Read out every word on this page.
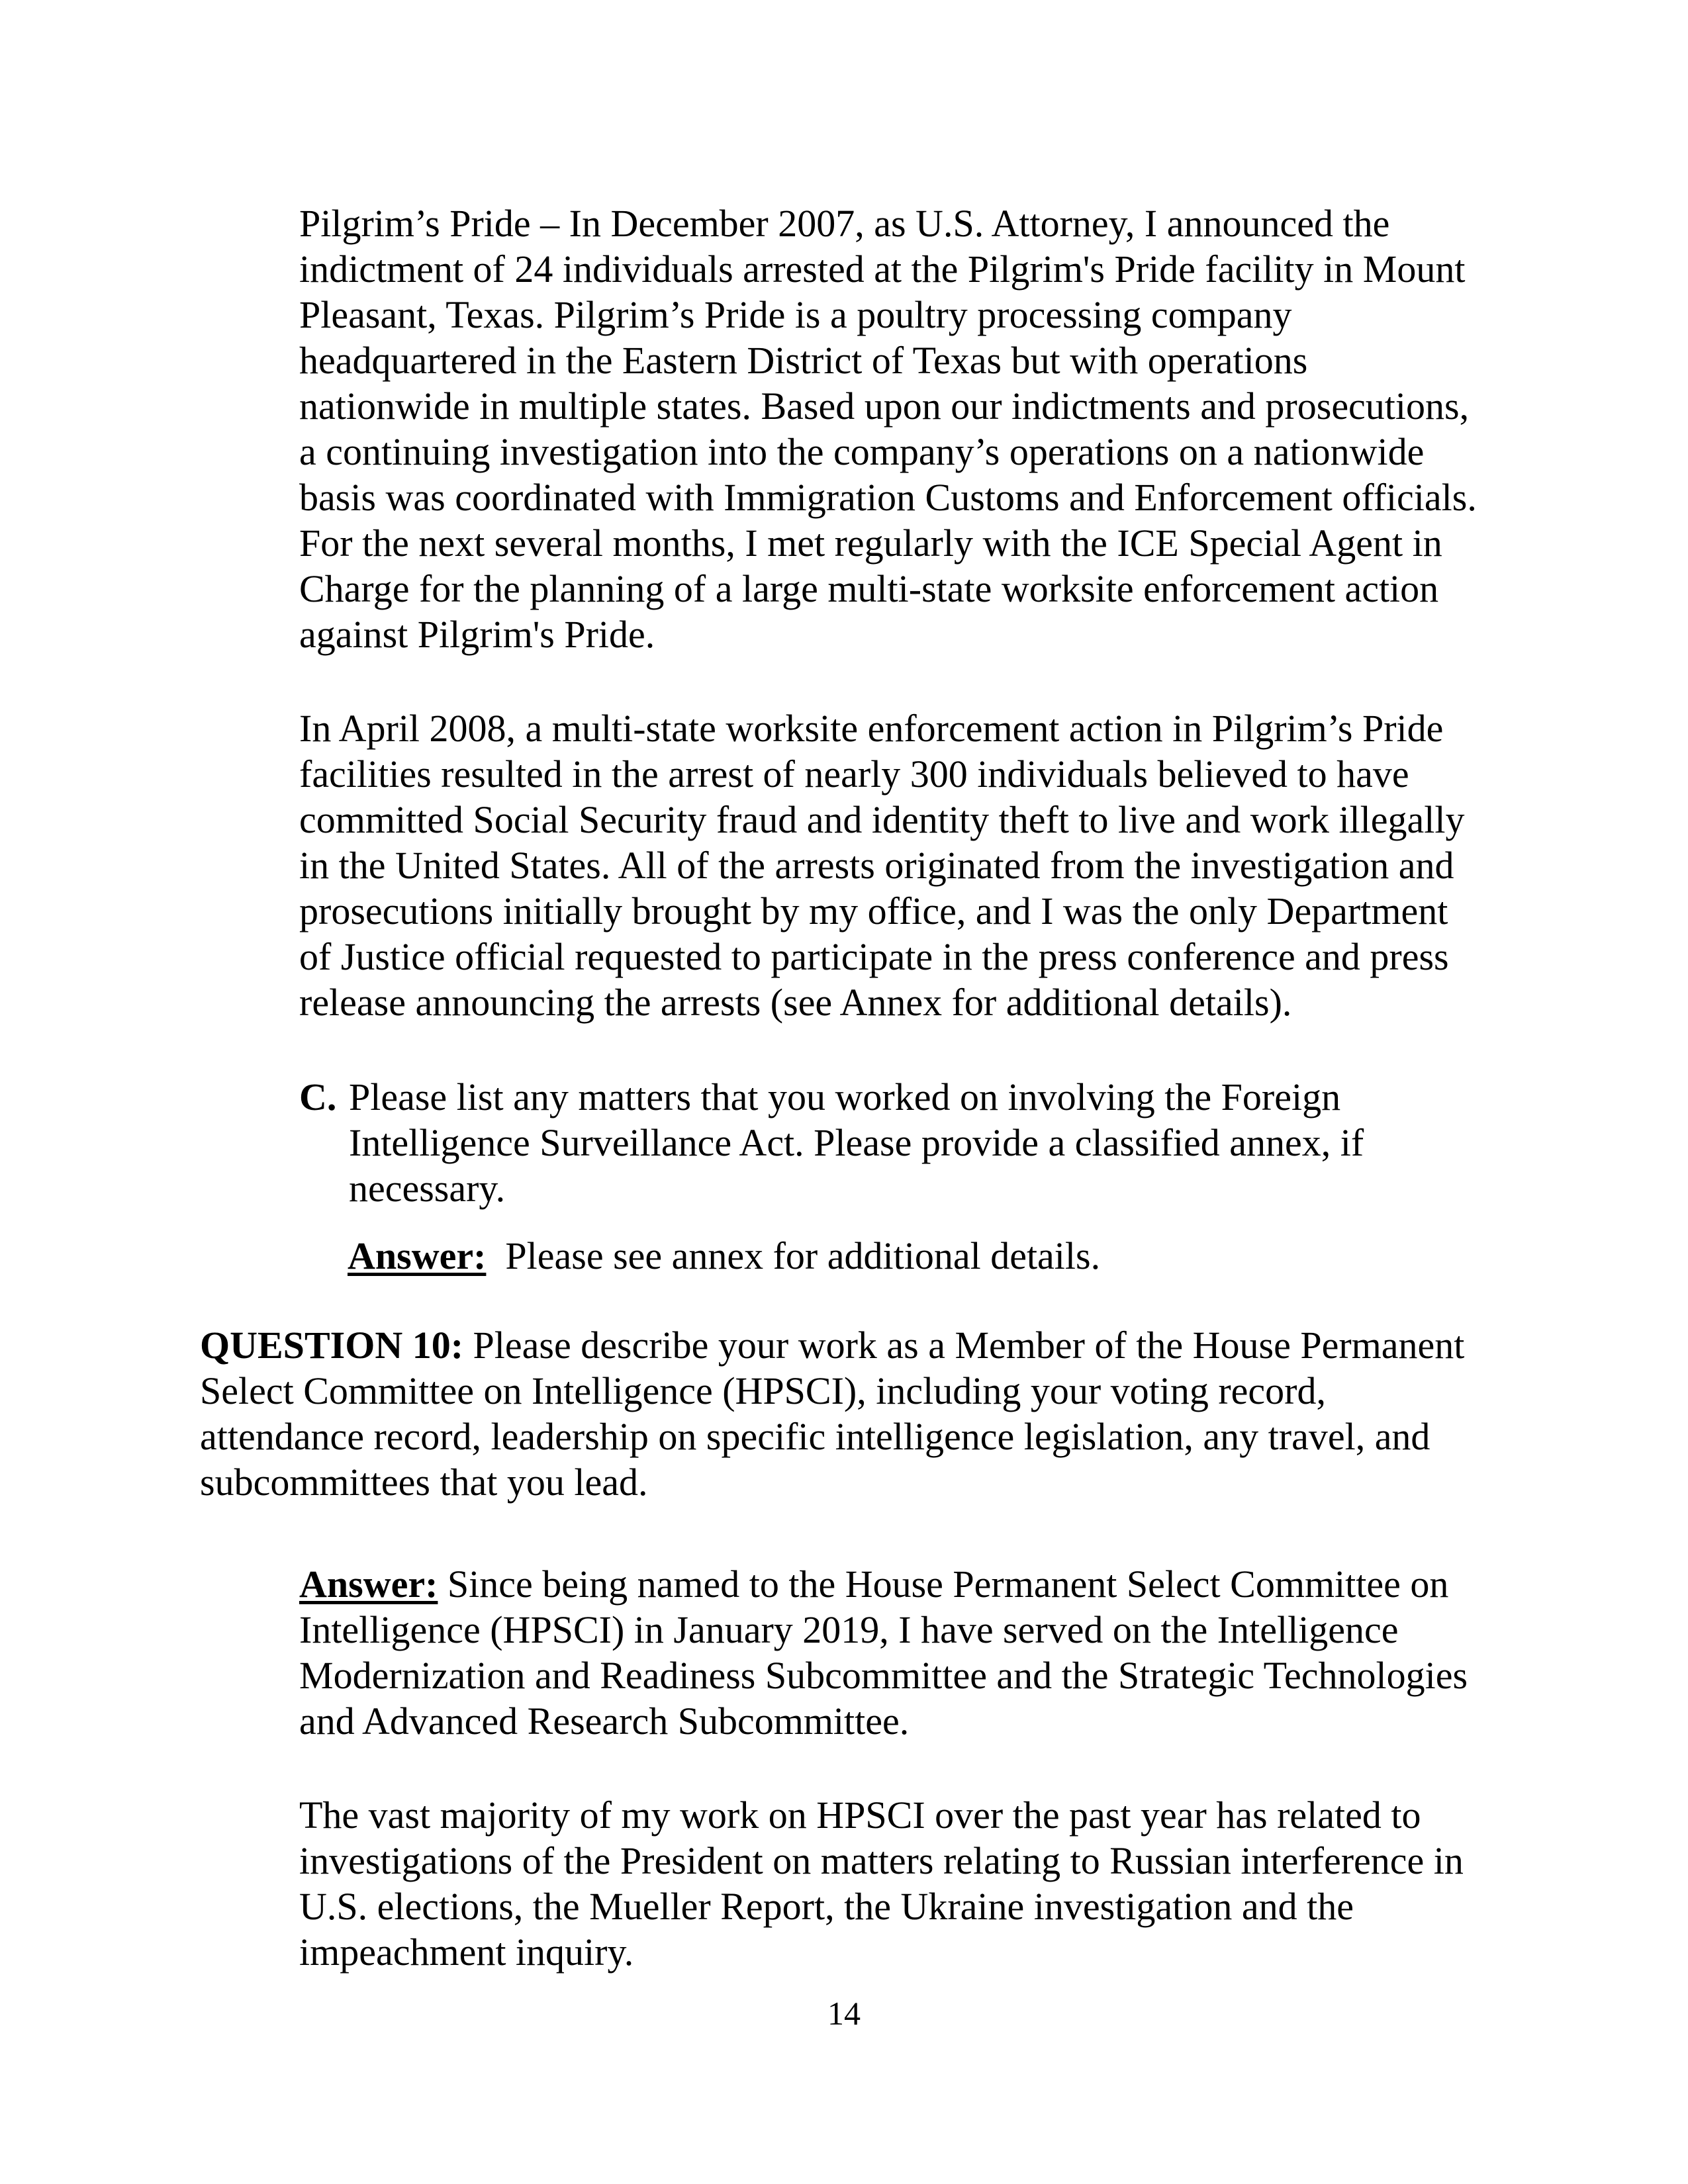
Pilgrim’s Pride – In December 2007, as U.S. Attorney, I announced the
indictment of 24 individuals arrested at the Pilgrim's Pride facility in Mount
Pleasant, Texas. Pilgrim’s Pride is a poultry processing company
headquartered in the Eastern District of Texas but with operations
nationwide in multiple states. Based upon our indictments and prosecutions,
a continuing investigation into the company’s operations on a nationwide
basis was coordinated with Immigration Customs and Enforcement officials.
For the next several months, I met regularly with the ICE Special Agent in
Charge for the planning of a large multi-state worksite enforcement action
against Pilgrim's Pride.
In April 2008, a multi-state worksite enforcement action in Pilgrim’s Pride
facilities resulted in the arrest of nearly 300 individuals believed to have
committed Social Security fraud and identity theft to live and work illegally
in the United States. All of the arrests originated from the investigation and
prosecutions initially brought by my office, and I was the only Department
of Justice official requested to participate in the press conference and press
release announcing the arrests (see Annex for additional details).
C. Please list any matters that you worked on involving the Foreign
Intelligence Surveillance Act. Please provide a classified annex, if
necessary.
Answer: Please see annex for additional details.
QUESTION 10: Please describe your work as a Member of the House Permanent
Select Committee on Intelligence (HPSCI), including your voting record,
attendance record, leadership on specific intelligence legislation, any travel, and
subcommittees that you lead.
Answer: Since being named to the House Permanent Select Committee on
Intelligence (HPSCI) in January 2019, I have served on the Intelligence
Modernization and Readiness Subcommittee and the Strategic Technologies
and Advanced Research Subcommittee.
The vast majority of my work on HPSCI over the past year has related to
investigations of the President on matters relating to Russian interference in
U.S. elections, the Mueller Report, the Ukraine investigation and the
impeachment inquiry.
14
